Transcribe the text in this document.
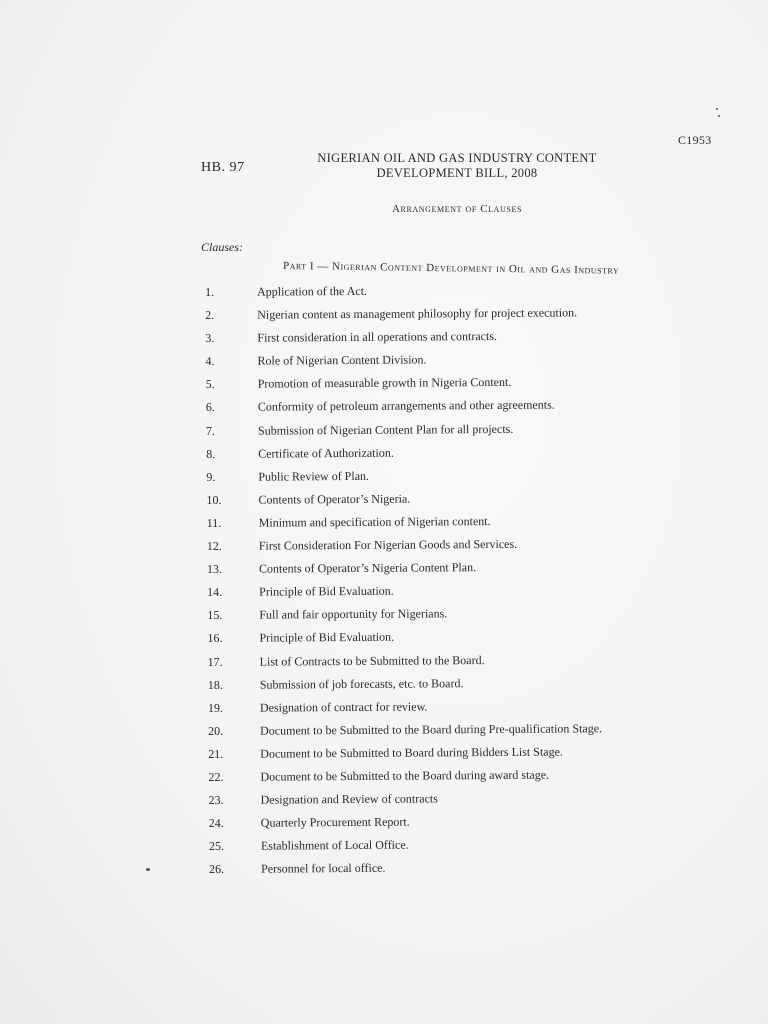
C1953
HB. 97
NIGERIAN OIL AND GAS INDUSTRY CONTENT
DEVELOPMENT BILL, 2008
Arrangement of Clauses
Clauses:
Part I — Nigerian Content Development in Oil and Gas Industry
1.	Application of the Act.
2.	Nigerian content as management philosophy for project execution.
3.	First consideration in all operations and contracts.
4.	Role of Nigerian Content Division.
5.	Promotion of measurable growth in Nigeria Content.
6.	Conformity of petroleum arrangements and other agreements.
7.	Submission of Nigerian Content Plan for all projects.
8.	Certificate of Authorization.
9.	Public Review of Plan.
10.	Contents of Operator’s Nigeria.
11.	Minimum and specification of Nigerian content.
12.	First Consideration For Nigerian Goods and Services.
13.	Contents of Operator’s Nigeria Content Plan.
14.	Principle of Bid Evaluation.
15.	Full and fair opportunity for Nigerians.
16.	Principle of Bid Evaluation.
17.	List of Contracts to be Submitted to the Board.
18.	Submission of job forecasts, etc. to Board.
19.	Designation of contract for review.
20.	Document to be Submitted to the Board during Pre-qualification Stage.
21.	Document to be Submitted to Board during Bidders List Stage.
22.	Document to be Submitted to the Board during award stage.
23.	Designation and Review of contracts
24.	Quarterly Procurement Report.
25.	Establishment of Local Office.
26.	Personnel for local office.
